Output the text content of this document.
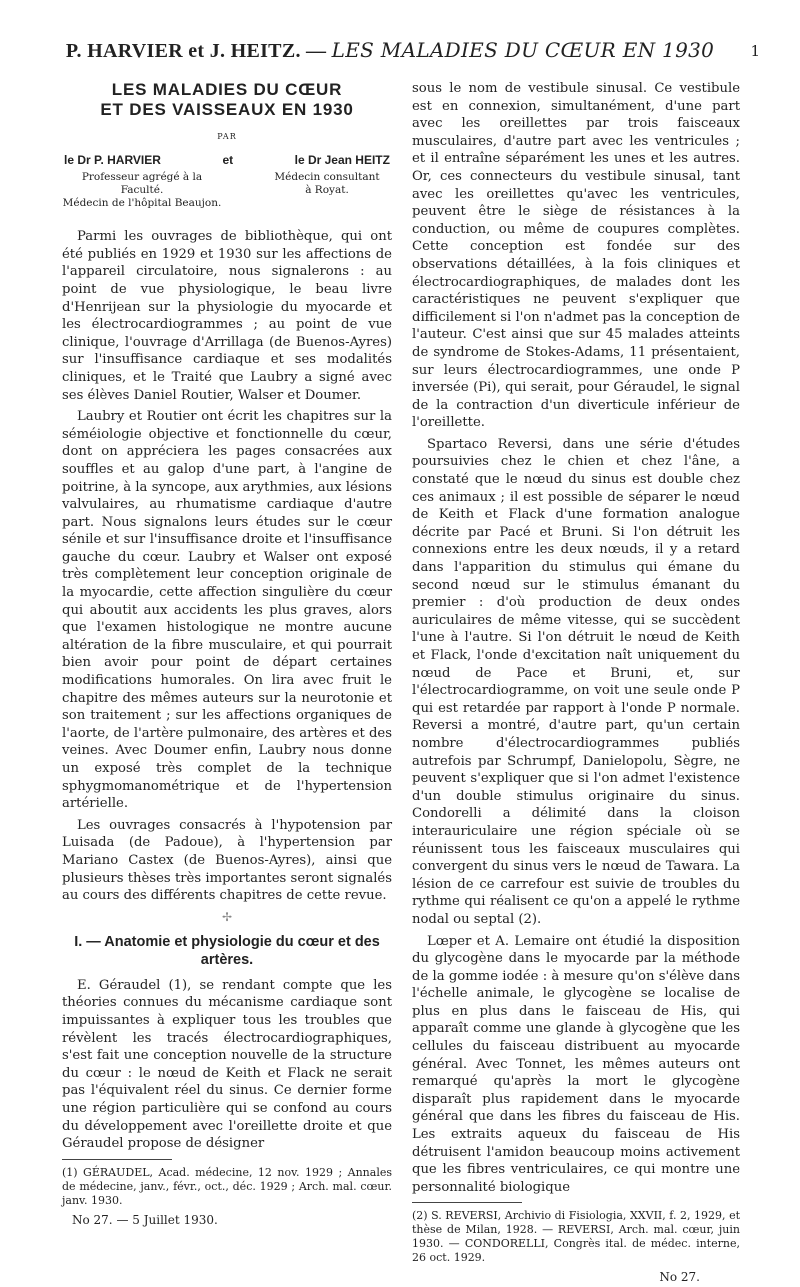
P. HARVIER et J. HEITZ. — LES MALADIES DU CŒUR EN 1930	1
LES MALADIES DU CŒUR
ET DES VAISSEAUX EN 1930
PAR
le Dr P. HARVIER	et	le Dr Jean HEITZ
Professeur agrégé à la Faculté.
Médecin de l'hôpital Beaujon.
Médecin consultant
à Royat.

Parmi les ouvrages de bibliothèque, qui ont été publiés en 1929 et 1930 sur les affections de l'appareil circulatoire, nous signalerons : au point de vue physiologique, le beau livre d'Henrijean sur la physiologie du myocarde et les électrocardiogrammes ; au point de vue clinique, l'ouvrage d'Arrillaga (de Buenos-Ayres) sur l'insuffisance cardiaque et ses modalités cliniques, et le Traité que Laubry a signé avec ses élèves Daniel Routier, Walser et Doumer.

Laubry et Routier ont écrit les chapitres sur la séméiologie objective et fonctionnelle du cœur, dont on appréciera les pages consacrées aux souffles et au galop d'une part, à l'angine de poitrine, à la syncope, aux arythmies, aux lésions valvulaires, au rhumatisme cardiaque d'autre part. Nous signalons leurs études sur le cœur sénile et sur l'insuffisance droite et l'insuffisance gauche du cœur. Laubry et Walser ont exposé très complètement leur conception originale de la myocardie, cette affection singulière du cœur qui aboutit aux accidents les plus graves, alors que l'examen histologique ne montre aucune altération de la fibre musculaire, et qui pourrait bien avoir pour point de départ certaines modifications humorales. On lira avec fruit le chapitre des mêmes auteurs sur la neurotonie et son traitement ; sur les affections organiques de l'aorte, de l'artère pulmonaire, des artères et des veines. Avec Doumer enfin, Laubry nous donne un exposé très complet de la technique sphygmomanométrique et de l'hypertension artérielle.

Les ouvrages consacrés à l'hypotension par Luisada (de Padoue), à l'hypertension par Mariano Castex (de Buenos-Ayres), ainsi que plusieurs thèses très importantes seront signalés au cours des différents chapitres de cette revue.

✢
I. — Anatomie et physiologie du cœur et des artères.

E. Géraudel (1), se rendant compte que les théories connues du mécanisme cardiaque sont impuissantes à expliquer tous les troubles que révèlent les tracés électrocardiographiques, s'est fait une conception nouvelle de la structure du cœur : le nœud de Keith et Flack ne serait pas l'équivalent réel du sinus. Ce dernier forme une région particulière qui se confond au cours du développement avec l'oreillette droite et que Géraudel propose de désigner

(1) GÉRAUDEL, Acad. médecine, 12 nov. 1929 ; Annales de médecine, janv., févr., oct., déc. 1929 ; Arch. mal. cœur. janv. 1930.
No 27. — 5 Juillet 1930.

sous le nom de vestibule sinusal. Ce vestibule est en connexion, simultanément, d'une part avec les oreillettes par trois faisceaux musculaires, d'autre part avec les ventricules ; et il entraîne séparément les unes et les autres. Or, ces connecteurs du vestibule sinusal, tant avec les oreillettes qu'avec les ventricules, peuvent être le siège de résistances à la conduction, ou même de coupures complètes. Cette conception est fondée sur des observations détaillées, à la fois cliniques et électrocardiographiques, de malades dont les caractéristiques ne peuvent s'expliquer que difficilement si l'on n'admet pas la conception de l'auteur. C'est ainsi que sur 45 malades atteints de syndrome de Stokes-Adams, 11 présentaient, sur leurs électrocardiogrammes, une onde P inversée (Pi), qui serait, pour Géraudel, le signal de la contraction d'un diverticule inférieur de l'oreillette.

Spartaco Reversi, dans une série d'études poursuivies chez le chien et chez l'âne, a constaté que le nœud du sinus est double chez ces animaux ; il est possible de séparer le nœud de Keith et Flack d'une formation analogue décrite par Pacé et Bruni. Si l'on détruit les connexions entre les deux nœuds, il y a retard dans l'apparition du stimulus qui émane du second nœud sur le stimulus émanant du premier : d'où production de deux ondes auriculaires de même vitesse, qui se succèdent l'une à l'autre. Si l'on détruit le nœud de Keith et Flack, l'onde d'excitation naît uniquement du nœud de Pace et Bruni, et, sur l'électrocardiogramme, on voit une seule onde P qui est retardée par rapport à l'onde P normale. Reversi a montré, d'autre part, qu'un certain nombre d'électrocardiogrammes publiés autrefois par Schrumpf, Danielopolu, Sègre, ne peuvent s'expliquer que si l'on admet l'existence d'un double stimulus originaire du sinus. Condorelli a délimité dans la cloison interauriculaire une région spéciale où se réunissent tous les faisceaux musculaires qui convergent du sinus vers le nœud de Tawara. La lésion de ce carrefour est suivie de troubles du rythme qui réalisent ce qu'on a appelé le rythme nodal ou septal (2).

Lœper et A. Lemaire ont étudié la disposition du glycogène dans le myocarde par la méthode de la gomme iodée : à mesure qu'on s'élève dans l'échelle animale, le glycogène se localise de plus en plus dans le faisceau de His, qui apparaît comme une glande à glycogène que les cellules du faisceau distribuent au myocarde général. Avec Tonnet, les mêmes auteurs ont remarqué qu'après la mort le glycogène disparaît plus rapidement dans le myocarde général que dans les fibres du faisceau de His. Les extraits aqueux du faisceau de His détruisent l'amidon beaucoup moins activement que les fibres ventriculaires, ce qui montre une personnalité biologique

(2) S. REVERSI, Archivio di Fisiologia, XXVII, f. 2, 1929, et thèse de Milan, 1928. — REVERSI, Arch. mal. cœur, juin 1930. — CONDORELLI, Congrès ital. de médec. interne, 26 oct. 1929.
No 27.
